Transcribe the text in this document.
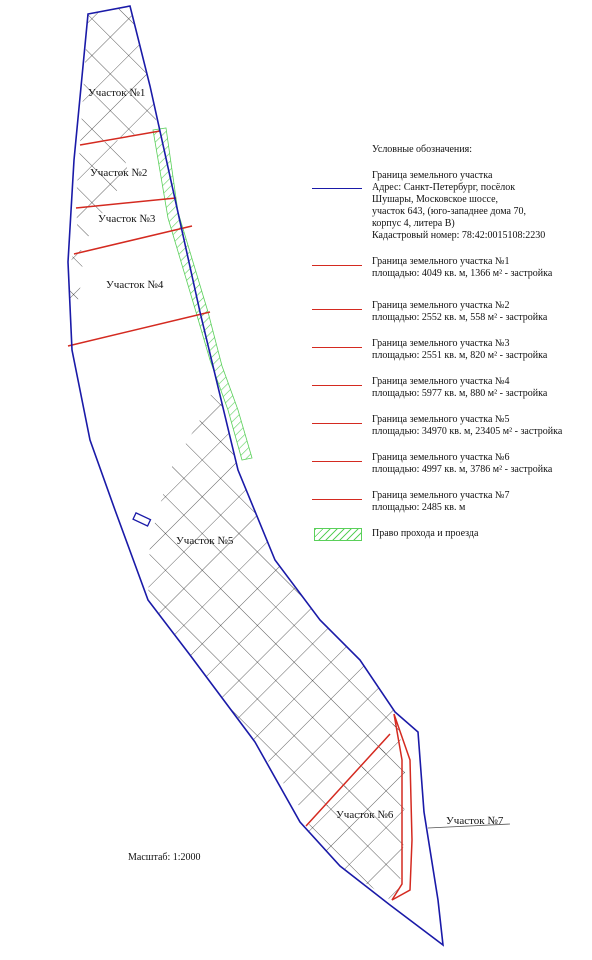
Участок №1
Участок №2
Участок №3
Участок №4
Участок №5
Участок №6	Участок №7
Масштаб: 1:2000
Условные обозначения:
Граница земельного участка
Адрес: Санкт-Петербург, посёлок
Шушары, Московское шоссе,
участок 643, (юго-западнее дома 70,
корпус 4, литера В)
Кадастровый номер: 78:42:0015108:2230
Граница земельного участка №1
площадью: 4049 кв. м, 1366 м² - застройка
Граница земельного участка №2
площадью: 2552 кв. м, 558 м² - застройка
Граница земельного участка №3
площадью: 2551 кв. м, 820 м² - застройка
Граница земельного участка №4
площадью: 5977 кв. м, 880 м² - застройка
Граница земельного участка №5
площадью: 34970 кв. м, 23405 м² - застройка
Граница земельного участка №6
площадью: 4997 кв. м, 3786 м² - застройка
Граница земельного участка №7
площадью: 2485 кв. м
Право прохода и проезда
